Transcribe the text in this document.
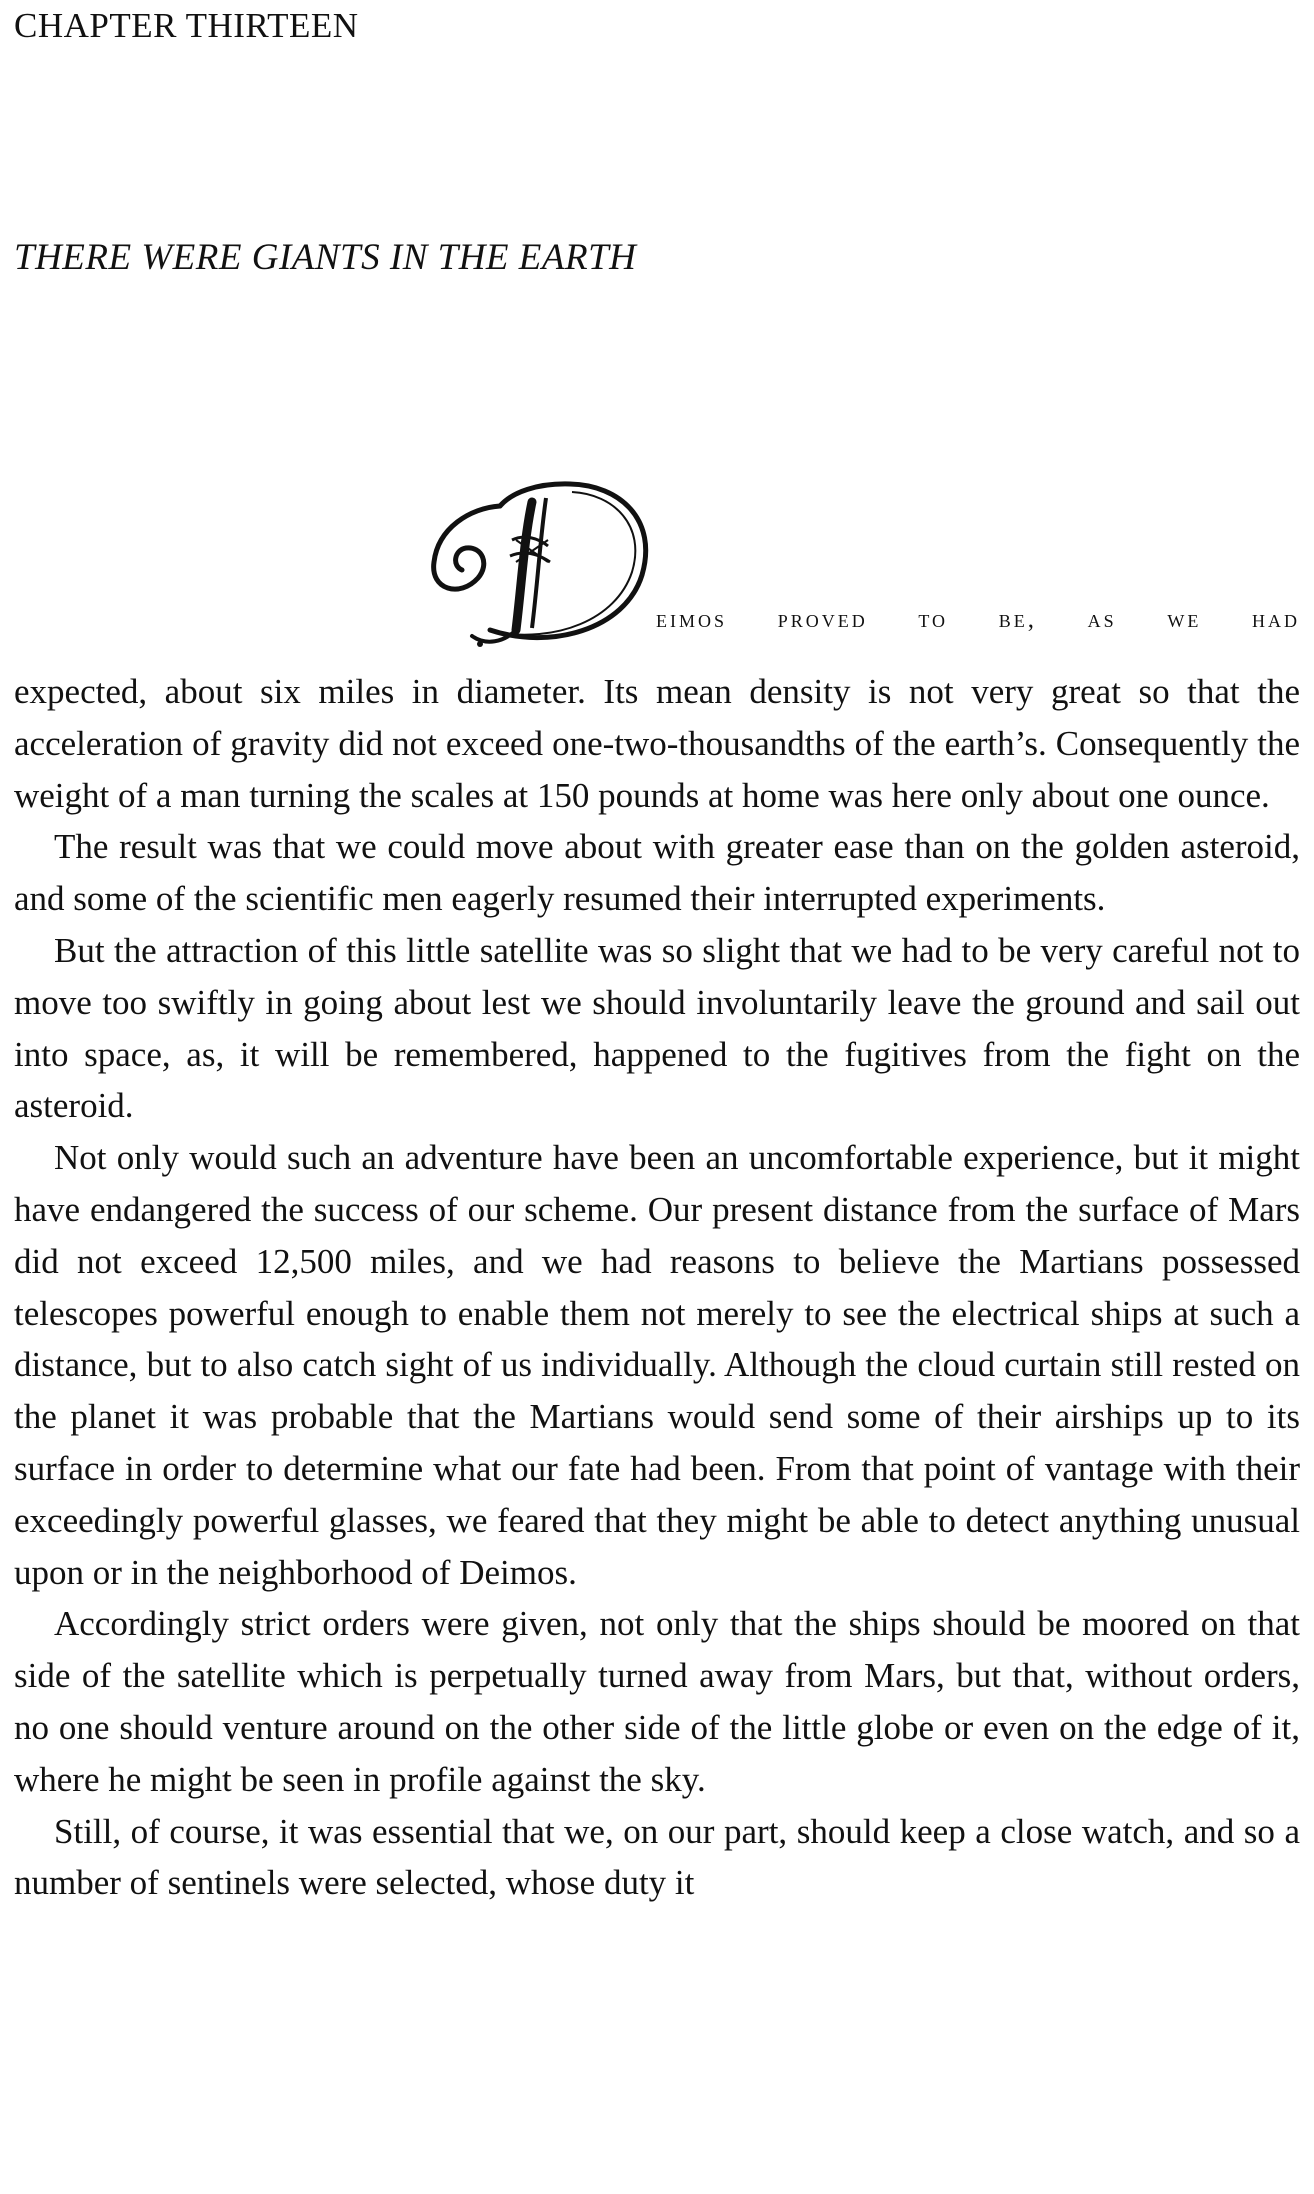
CHAPTER THIRTEEN
THERE WERE GIANTS IN THE EARTH
eimos proved to be, as we had

expected, about six miles in diameter. Its mean density is not very great so that the acceleration of gravity did not exceed one-two-thousandths of the earth’s. Consequently the weight of a man turning the scales at 150 pounds at home was here only about one ounce.

The result was that we could move about with greater ease than on the golden asteroid, and some of the scientific men eagerly resumed their interrupted experiments.

But the attraction of this little satellite was so slight that we had to be very careful not to move too swiftly in going about lest we should involuntarily leave the ground and sail out into space, as, it will be remembered, happened to the fugitives from the fight on the asteroid.

Not only would such an adventure have been an uncomfortable experience, but it might have endangered the success of our scheme. Our present distance from the surface of Mars did not exceed 12,500 miles, and we had reasons to believe the Martians possessed telescopes powerful enough to enable them not merely to see the electrical ships at such a distance, but to also catch sight of us individually. Although the cloud curtain still rested on the planet it was probable that the Martians would send some of their airships up to its surface in order to determine what our fate had been. From that point of vantage with their exceedingly powerful glasses, we feared that they might be able to detect anything unusual upon or in the neighborhood of Deimos.

Accordingly strict orders were given, not only that the ships should be moored on that side of the satellite which is perpetually turned away from Mars, but that, without orders, no one should venture around on the other side of the little globe or even on the edge of it, where he might be seen in profile against the sky.

Still, of course, it was essential that we, on our part, should keep a close watch, and so a number of sentinels were selected, whose duty it
